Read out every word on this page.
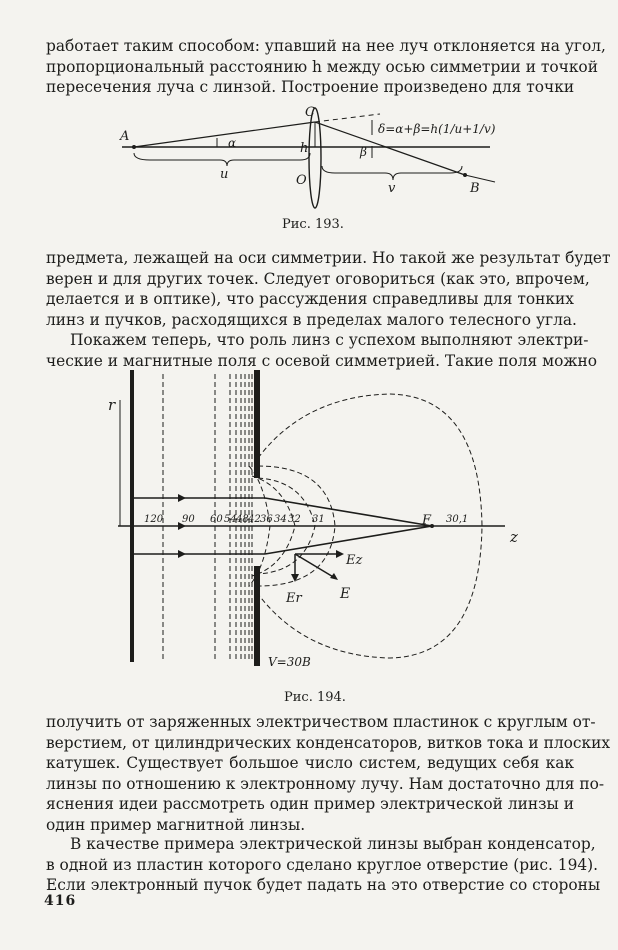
работает таким способом: упавший на нее луч отклоняется на угол,
пропорциональный расстоянию h между осью симметрии и точкой
пересечения луча с линзой. Построение произведено для точки
A
B
C
O
h
α
β
u
v
δ=α+β=h(1/u+1/v)
Рис. 193.
предмета, лежащей на оси симметрии. Но такой же результат будет
верен и для других точек. Следует оговориться (как это, впрочем,
делается и в оптике), что рассуждения справедливы для тонких
линз и пучков, расходящихся в пределах малого телесного угла.
Покажем теперь, что роль линз с успехом выполняют электри-
ческие и магнитные поля с осевой симметрией. Такие поля можно
r
z
F
E
Ez
Er
V=30В
120 90 60 54 48 42 36 34 32 31	30,1
Рис. 194.
получить от заряженных электричеством пластинок с круглым от-
верстием, от цилиндрических конденсаторов, витков тока и плоских
катушек. Существует большое число систем, ведущих себя как
линзы по отношению к электронному лучу. Нам достаточно для по-
яснения идеи рассмотреть один пример электрической линзы и
один пример магнитной линзы.
В качестве примера электрической линзы выбран конденсатор,
в одной из пластин которого сделано круглое отверстие (рис. 194).
Если электронный пучок будет падать на это отверстие со стороны
416
